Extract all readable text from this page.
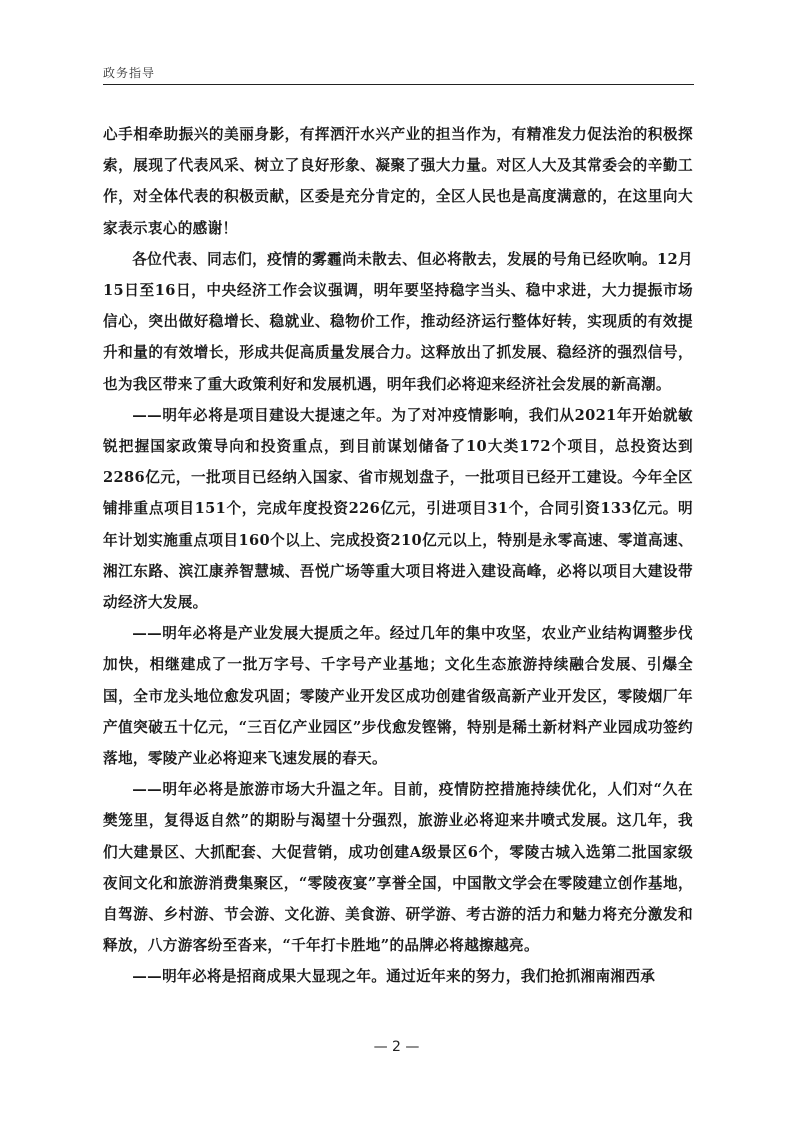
政务指导

心手相牵助振兴的美丽身影，有挥洒汗水兴产业的担当作为，有精准发力促法治的积极探索，展现了代表风采、树立了良好形象、凝聚了强大力量。对区人大及其常委会的辛勤工作，对全体代表的积极贡献，区委是充分肯定的，全区人民也是高度满意的，在这里向大家表示衷心的感谢！

各位代表、同志们，疫情的雾霾尚未散去、但必将散去，发展的号角已经吹响。12月15日至16日，中央经济工作会议强调，明年要坚持稳字当头、稳中求进，大力提振市场信心，突出做好稳增长、稳就业、稳物价工作，推动经济运行整体好转，实现质的有效提升和量的有效增长，形成共促高质量发展合力。这释放出了抓发展、稳经济的强烈信号，也为我区带来了重大政策利好和发展机遇，明年我们必将迎来经济社会发展的新高潮。

——明年必将是项目建设大提速之年。为了对冲疫情影响，我们从2021年开始就敏锐把握国家政策导向和投资重点，到目前谋划储备了10大类172个项目，总投资达到2286亿元，一批项目已经纳入国家、省市规划盘子，一批项目已经开工建设。今年全区铺排重点项目151个，完成年度投资226亿元，引进项目31个，合同引资133亿元。明年计划实施重点项目160个以上、完成投资210亿元以上，特别是永零高速、零道高速、湘江东路、滨江康养智慧城、吾悦广场等重大项目将进入建设高峰，必将以项目大建设带动经济大发展。

——明年必将是产业发展大提质之年。经过几年的集中攻坚，农业产业结构调整步伐加快，相继建成了一批万字号、千字号产业基地；文化生态旅游持续融合发展、引爆全国，全市龙头地位愈发巩固；零陵产业开发区成功创建省级高新产业开发区，零陵烟厂年产值突破五十亿元，“三百亿产业园区”步伐愈发铿锵，特别是稀土新材料产业园成功签约落地，零陵产业必将迎来飞速发展的春天。

——明年必将是旅游市场大升温之年。目前，疫情防控措施持续优化，人们对“久在樊笼里，复得返自然”的期盼与渴望十分强烈，旅游业必将迎来井喷式发展。这几年，我们大建景区、大抓配套、大促营销，成功创建A级景区6个，零陵古城入选第二批国家级夜间文化和旅游消费集聚区，“零陵夜宴”享誉全国，中国散文学会在零陵建立创作基地，自驾游、乡村游、节会游、文化游、美食游、研学游、考古游的活力和魅力将充分激发和释放，八方游客纷至沓来，“千年打卡胜地”的品牌必将越擦越亮。

——明年必将是招商成果大显现之年。通过近年来的努力，我们抢抓湘南湘西承

— 2 —
